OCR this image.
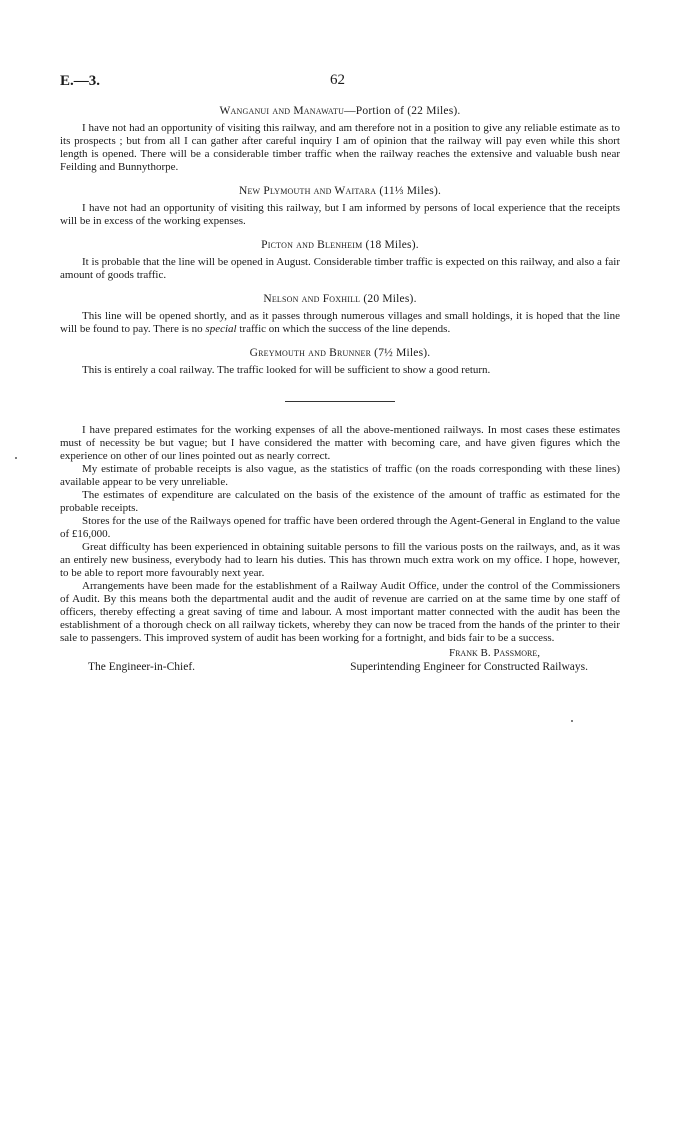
E.—3.	62
Wanganui and Manawatu—Portion of (22 Miles).

I have not had an opportunity of visiting this railway, and am therefore not in a position to give any reliable estimate as to its prospects ; but from all I can gather after careful inquiry I am of opinion that the railway will pay even while this short length is opened. There will be a considerable timber traffic when the railway reaches the extensive and valuable bush near Feilding and Bunnythorpe.

New Plymouth and Waitara (11⅓ Miles).

I have not had an opportunity of visiting this railway, but I am informed by persons of local experience that the receipts will be in excess of the working expenses.

Picton and Blenheim (18 Miles).

It is probable that the line will be opened in August. Considerable timber traffic is expected on this railway, and also a fair amount of goods traffic.

Nelson and Foxhill (20 Miles).

This line will be opened shortly, and as it passes through numerous villages and small holdings, it is hoped that the line will be found to pay. There is no special traffic on which the success of the line depends.

Greymouth and Brunner (7½ Miles).

This is entirely a coal railway. The traffic looked for will be sufficient to show a good return.

I have prepared estimates for the working expenses of all the above-mentioned railways. In most cases these estimates must of necessity be but vague; but I have considered the matter with becoming care, and have given figures which the experience on other of our lines pointed out as nearly correct.

My estimate of probable receipts is also vague, as the statistics of traffic (on the roads corresponding with these lines) available appear to be very unreliable.

The estimates of expenditure are calculated on the basis of the existence of the amount of traffic as estimated for the probable receipts.

Stores for the use of the Railways opened for traffic have been ordered through the Agent-General in England to the value of £16,000.

Great difficulty has been experienced in obtaining suitable persons to fill the various posts on the railways, and, as it was an entirely new business, everybody had to learn his duties. This has thrown much extra work on my office. I hope, however, to be able to report more favourably next year.

Arrangements have been made for the establishment of a Railway Audit Office, under the control of the Commissioners of Audit. By this means both the departmental audit and the audit of revenue are carried on at the same time by one staff of officers, thereby effecting a great saving of time and labour. A most important matter connected with the audit has been the establishment of a thorough check on all railway tickets, whereby they can now be traced from the hands of the printer to their sale to passengers. This improved system of audit has been working for a fortnight, and bids fair to be a success.

Frank B. Passmore,
The Engineer-in-Chief.	Superintending Engineer for Constructed Railways.
